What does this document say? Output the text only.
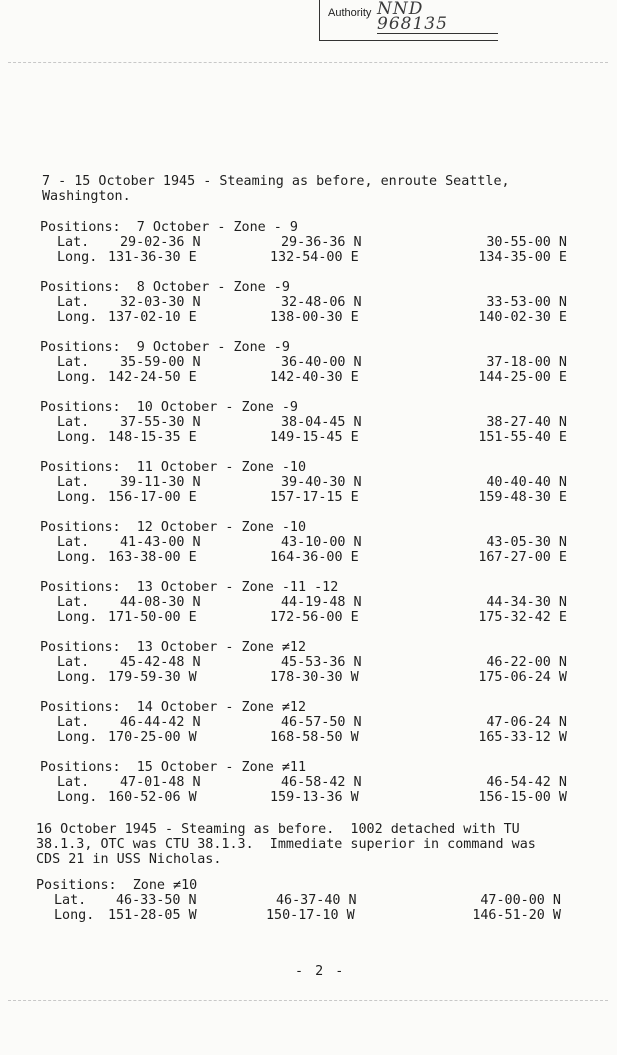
Authority NND 968135
7 - 15 October 1945 - Steaming as before, enroute Seattle,
Washington.
Positions:  7 October - Zone - 9
Lat. 29-02-36 N	29-36-36 N	30-55-00 N
Long. 131-36-30 E	132-54-00 E	134-35-00 E
Positions:  8 October - Zone -9
Lat. 32-03-30 N	32-48-06 N	33-53-00 N
Long. 137-02-10 E	138-00-30 E	140-02-30 E
Positions:  9 October - Zone -9
Lat. 35-59-00 N	36-40-00 N	37-18-00 N
Long. 142-24-50 E	142-40-30 E	144-25-00 E
Positions:  10 October - Zone -9
Lat. 37-55-30 N	38-04-45 N	38-27-40 N
Long. 148-15-35 E	149-15-45 E	151-55-40 E
Positions:  11 October - Zone -10
Lat. 39-11-30 N	39-40-30 N	40-40-40 N
Long. 156-17-00 E	157-17-15 E	159-48-30 E
Positions:  12 October - Zone -10
Lat. 41-43-00 N	43-10-00 N	43-05-30 N
Long. 163-38-00 E	164-36-00 E	167-27-00 E
Positions:  13 October - Zone -11 -12
Lat. 44-08-30 N	44-19-48 N	44-34-30 N
Long. 171-50-00 E	172-56-00 E	175-32-42 E
Positions:  13 October - Zone ≠12
Lat. 45-42-48 N	45-53-36 N	46-22-00 N
Long. 179-59-30 W	178-30-30 W	175-06-24 W
Positions:  14 October - Zone ≠12
Lat. 46-44-42 N	46-57-50 N	47-06-24 N
Long. 170-25-00 W	168-58-50 W	165-33-12 W
Positions:  15 October - Zone ≠11
Lat. 47-01-48 N	46-58-42 N	46-54-42 N
Long. 160-52-06 W	159-13-36 W	156-15-00 W
16 October 1945 - Steaming as before.  1002 detached with TU
38.1.3, OTC was CTU 38.1.3.  Immediate superior in command was
CDS 21 in USS Nicholas.
Positions:  Zone ≠10
Lat. 46-33-50 N	46-37-40 N	47-00-00 N
Long. 151-28-05 W	150-17-10 W	146-51-20 W
- 2 -
